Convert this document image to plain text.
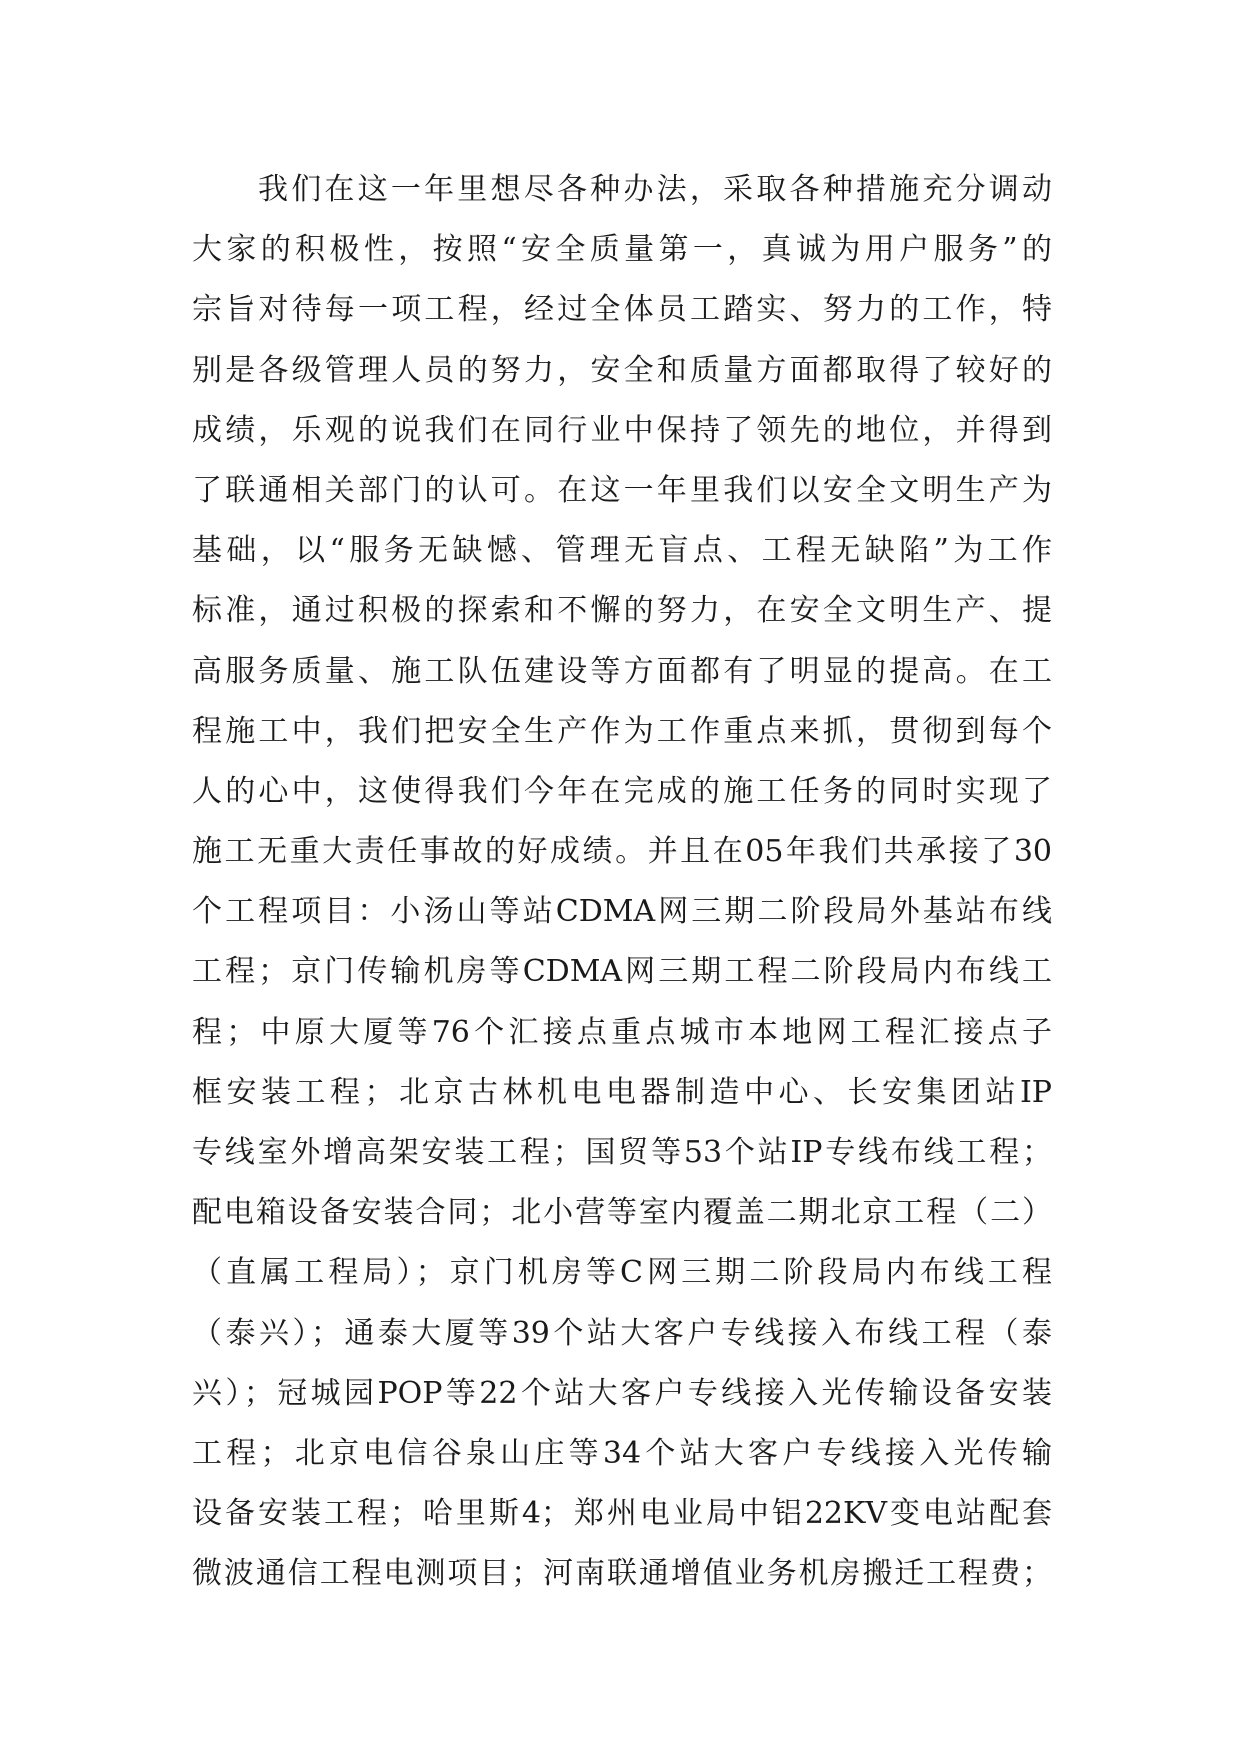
我们在这一年里想尽各种办法，采取各种措施充分调动
大家的积极性，按照“安全质量第一，真诚为用户服务”的
宗旨对待每一项工程，经过全体员工踏实、努力的工作，特
别是各级管理人员的努力，安全和质量方面都取得了较好的
成绩，乐观的说我们在同行业中保持了领先的地位，并得到
了联通相关部门的认可。在这一年里我们以安全文明生产为
基础，以“服务无缺憾、管理无盲点、工程无缺陷”为工作
标准，通过积极的探索和不懈的努力，在安全文明生产、提
高服务质量、施工队伍建设等方面都有了明显的提高。在工
程施工中，我们把安全生产作为工作重点来抓，贯彻到每个
人的心中，这使得我们今年在完成的施工任务的同时实现了
施工无重大责任事故的好成绩。并且在05年我们共承接了30
个工程项目：小汤山等站CDMA网三期二阶段局外基站布线
工程；京门传输机房等CDMA网三期工程二阶段局内布线工
程；中原大厦等76个汇接点重点城市本地网工程汇接点子
框安装工程；北京古林机电电器制造中心、长安集团站IP
专线室外增高架安装工程；国贸等53个站IP专线布线工程；
配电箱设备安装合同；北小营等室内覆盖二期北京工程（二）
（直属工程局）；京门机房等C网三期二阶段局内布线工程
（泰兴）；通泰大厦等39个站大客户专线接入布线工程（泰
兴）；冠城园POP等22个站大客户专线接入光传输设备安装
工程；北京电信谷泉山庄等34个站大客户专线接入光传输
设备安装工程；哈里斯4；郑州电业局中铝22KV变电站配套
微波通信工程电测项目；河南联通增值业务机房搬迁工程费；
